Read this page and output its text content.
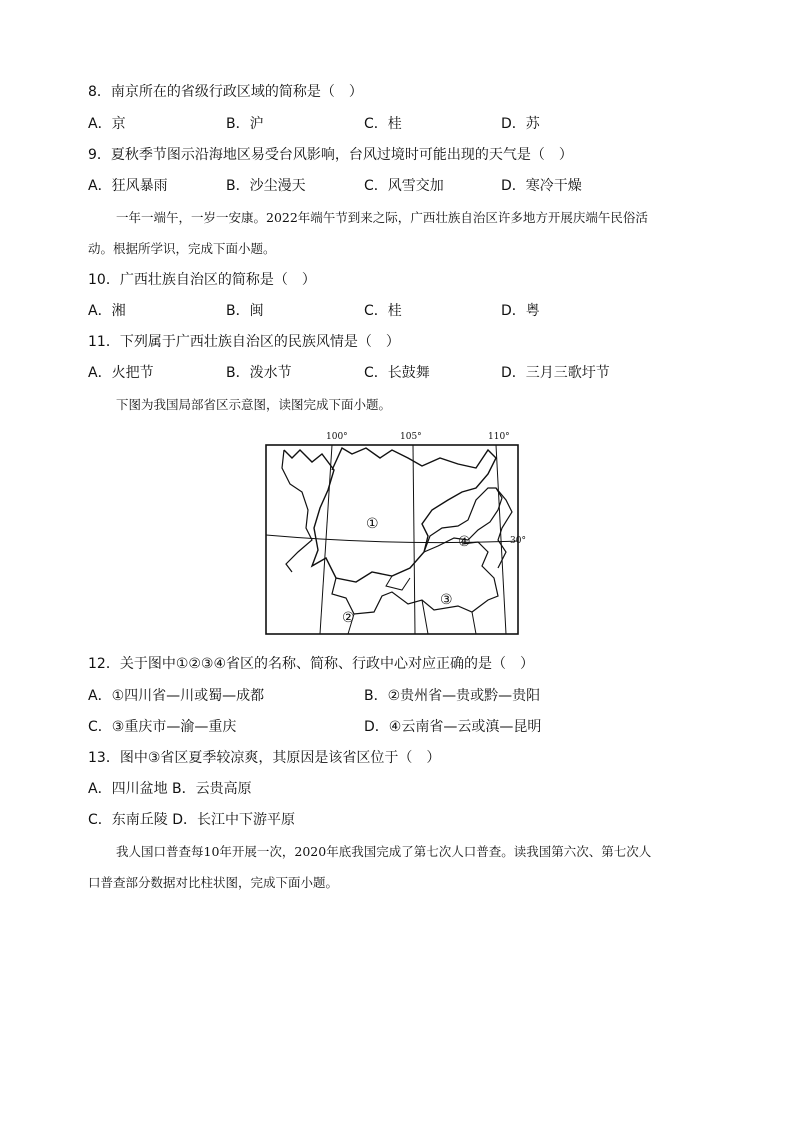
8．南京所在的省级行政区域的简称是（　）
A．京	B．沪	C．桂	D．苏
9．夏秋季节图示沿海地区易受台风影响，台风过境时可能出现的天气是（　）
A．狂风暴雨	B．沙尘漫天	C．风雪交加	D．寒冷干燥
一年一端午，一岁一安康。2022年端午节到来之际，广西壮族自治区许多地方开展庆端午民俗活
动。根据所学识，完成下面小题。
10．广西壮族自治区的简称是（　）
A．湘	B．闽	C．桂	D．粤
11．下列属于广西壮族自治区的民族风情是（　）
A．火把节	B．泼水节	C．长鼓舞	D．三月三歌圩节
下图为我国局部省区示意图，读图完成下面小题。
100°	105°	110°
30°
①
②
③
④
12．关于图中①②③④省区的名称、简称、行政中心对应正确的是（　）
A．①四川省—川或蜀—成都	B．②贵州省—贵或黔—贵阳
C．③重庆市—渝—重庆	D．④云南省—云或滇—昆明
13．图中③省区夏季较凉爽，其原因是该省区位于（　）
A．四川盆地 B．云贵高原
C．东南丘陵 D．长江中下游平原
我人国口普查每10年开展一次，2020年底我国完成了第七次人口普查。读我国第六次、第七次人
口普查部分数据对比柱状图，完成下面小题。
